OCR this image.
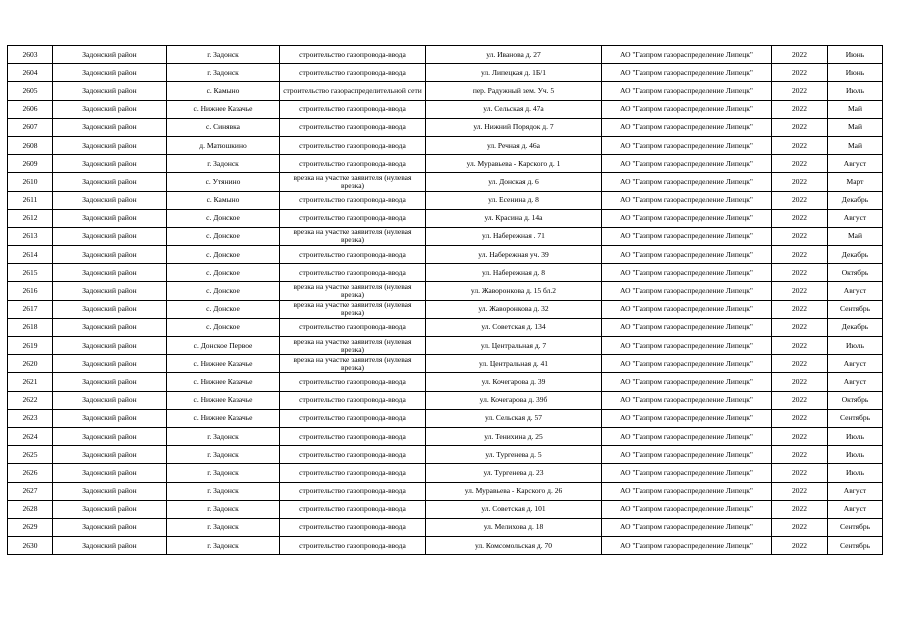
2603	Задонский район	г. Задонск	строительство газопровода-ввода	ул. Иванова д. 27	АО "Газпром газораспределение Липецк"	2022	Июнь
2604	Задонский район	г. Задонск	строительство газопровода-ввода	ул. Липецкая д. 1Б/1	АО "Газпром газораспределение Липецк"	2022	Июнь
2605	Задонский район	с. Камыно	строительство газораспределительной сети	пер. Радужный зем. Уч. 5	АО "Газпром газораспределение Липецк"	2022	Июль
2606	Задонский район	с. Нижнее Казачье	строительство газопровода-ввода	ул. Сельская д. 47а	АО "Газпром газораспределение Липецк"	2022	Май
2607	Задонский район	с. Синявка	строительство газопровода-ввода	ул. Нижний Порядок д. 7	АО "Газпром газораспределение Липецк"	2022	Май
2608	Задонский район	д. Матюшкино	строительство газопровода-ввода	ул. Речная д. 46а	АО "Газпром газораспределение Липецк"	2022	Май
2609	Задонский район	г. Задонск	строительство газопровода-ввода	ул. Муравьева - Карского д. 1	АО "Газпром газораспределение Липецк"	2022	Август
2610	Задонский район	с. Утянино	врезка на участке заявителя (нулевая врезка)	ул. Донская д. 6	АО "Газпром газораспределение Липецк"	2022	Март
2611	Задонский район	с. Камыно	строительство газопровода-ввода	ул. Есенина д. 8	АО "Газпром газораспределение Липецк"	2022	Декабрь
2612	Задонский район	с. Донское	строительство газопровода-ввода	ул. Красина д. 14а	АО "Газпром газораспределение Липецк"	2022	Август
2613	Задонский район	с. Донское	врезка на участке заявителя (нулевая врезка)	ул. Набережная . 71	АО "Газпром газораспределение Липецк"	2022	Май
2614	Задонский район	с. Донское	строительство газопровода-ввода	ул. Набережная уч. 39	АО "Газпром газораспределение Липецк"	2022	Декабрь
2615	Задонский район	с. Донское	строительство газопровода-ввода	ул. Набережная д. 8	АО "Газпром газораспределение Липецк"	2022	Октябрь
2616	Задонский район	с. Донское	врезка на участке заявителя (нулевая врезка)	ул. Жаворонкова д. 15 бл.2	АО "Газпром газораспределение Липецк"	2022	Август
2617	Задонский район	с. Донское	врезка на участке заявителя (нулевая врезка)	ул. Жаворонкова д. 32	АО "Газпром газораспределение Липецк"	2022	Сентябрь
2618	Задонский район	с. Донское	строительство газопровода-ввода	ул. Советская д. 134	АО "Газпром газораспределение Липецк"	2022	Декабрь
2619	Задонский район	с. Донское Первое	врезка на участке заявителя (нулевая врезка)	ул. Центральная д. 7	АО "Газпром газораспределение Липецк"	2022	Июль
2620	Задонский район	с. Нижнее Казачье	врезка на участке заявителя (нулевая врезка)	ул. Центральная д. 41	АО "Газпром газораспределение Липецк"	2022	Август
2621	Задонский район	с. Нижнее Казачье	строительство газопровода-ввода	ул. Кочегарова д. 39	АО "Газпром газораспределение Липецк"	2022	Август
2622	Задонский район	с. Нижнее Казачье	строительство газопровода-ввода	ул. Кочегарова д. 39б	АО "Газпром газораспределение Липецк"	2022	Октябрь
2623	Задонский район	с. Нижнее Казачье	строительство газопровода-ввода	ул. Сельская д. 57	АО "Газпром газораспределение Липецк"	2022	Сентябрь
2624	Задонский район	г. Задонск	строительство газопровода-ввода	ул. Тенихина д. 25	АО "Газпром газораспределение Липецк"	2022	Июль
2625	Задонский район	г. Задонск	строительство газопровода-ввода	ул. Тургенева д. 5	АО "Газпром газораспределение Липецк"	2022	Июль
2626	Задонский район	г. Задонск	строительство газопровода-ввода	ул. Тургенева д. 23	АО "Газпром газораспределение Липецк"	2022	Июль
2627	Задонский район	г. Задонск	строительство газопровода-ввода	ул. Муравьева - Карского д. 26	АО "Газпром газораспределение Липецк"	2022	Август
2628	Задонский район	г. Задонск	строительство газопровода-ввода	ул. Советская д. 101	АО "Газпром газораспределение Липецк"	2022	Август
2629	Задонский район	г. Задонск	строительство газопровода-ввода	ул. Мелихова д. 18	АО "Газпром газораспределение Липецк"	2022	Сентябрь
2630	Задонский район	г. Задонск	строительство газопровода-ввода	ул. Комсомольская д. 70	АО "Газпром газораспределение Липецк"	2022	Сентябрь
